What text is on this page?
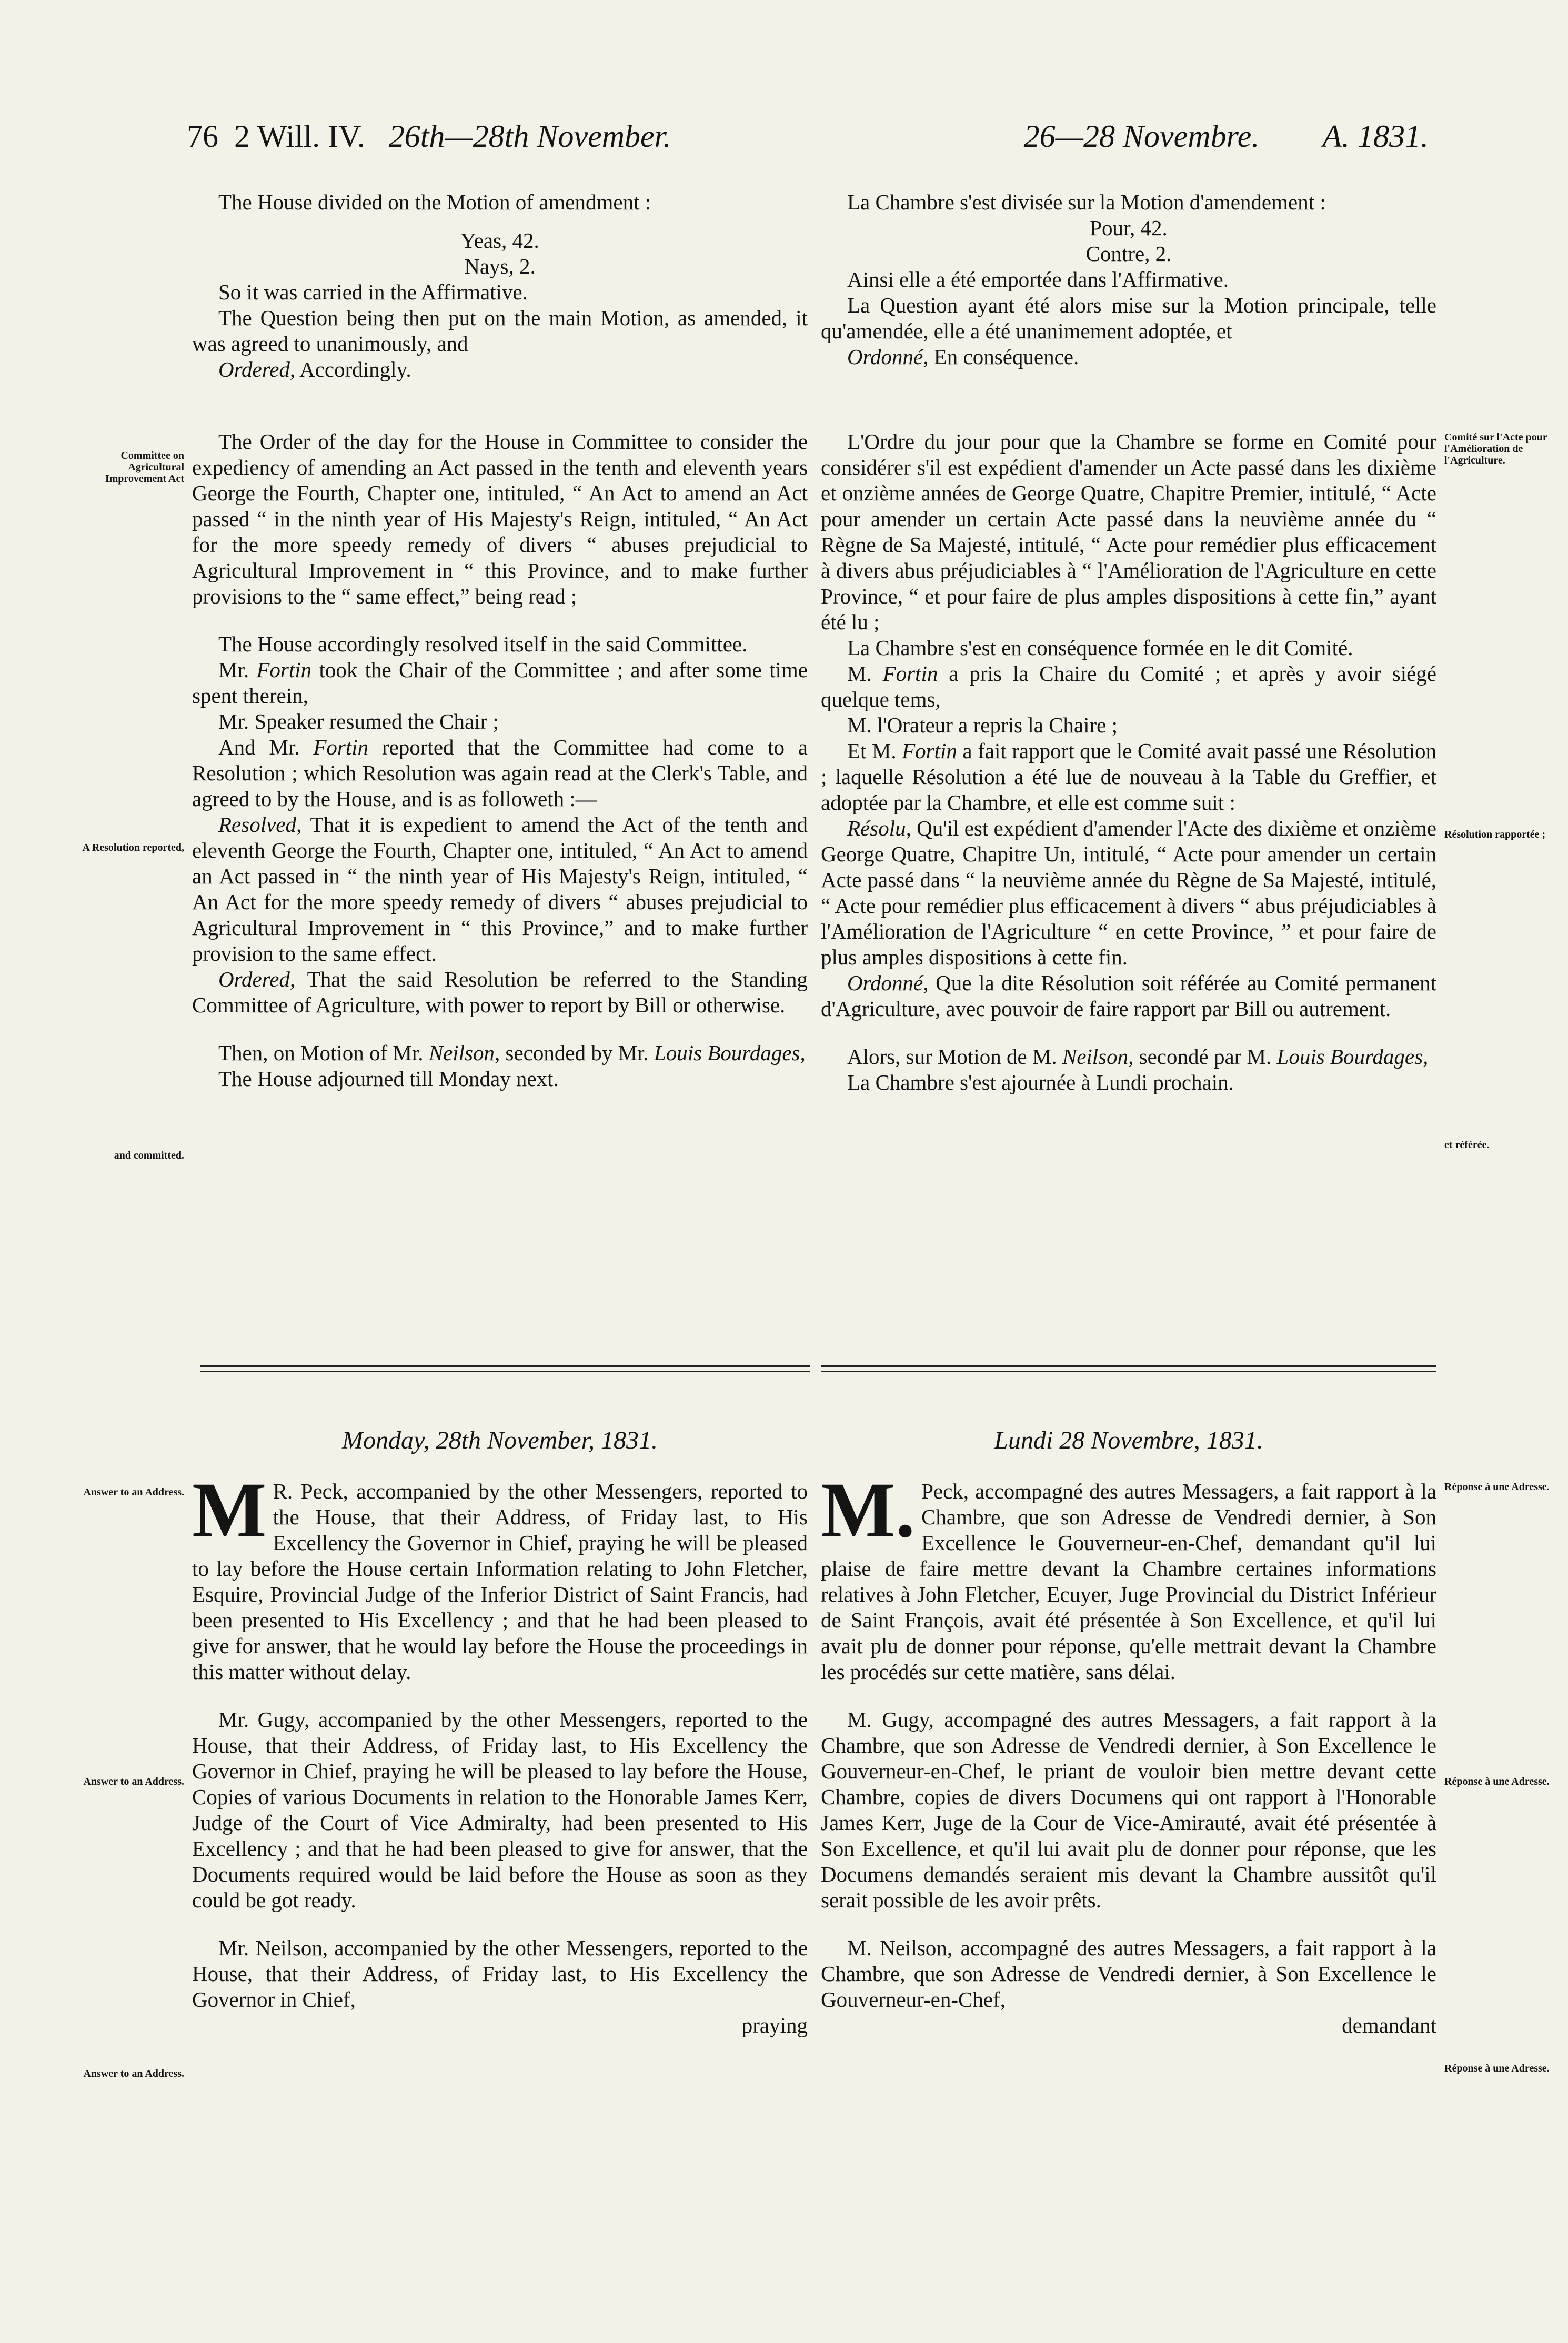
76 2 Will. IV. 26th—28th November.	26—28 Novembre. A. 1831.

The House divided on the Motion of amendment :

Yeas, 42.

Nays, 2.

So it was carried in the Affirmative.

The Question being then put on the main Motion, as amended, it was agreed to unanimously, and

Ordered, Accordingly.

La Chambre s'est divisée sur la Motion d'amendement :

Pour, 42.

Contre, 2.

Ainsi elle a été emportée dans l'Affirmative.

La Question ayant été alors mise sur la Motion principale, telle qu'amendée, elle a été unanimement adoptée, et

Ordonné, En conséquence.

Committee on Agricultural Improvement Act
Comité sur l'Acte pour l'Amélioration de l'Agriculture.
A Resolution reported,
Résolution rapportée ;
and committed.
et référée.

The Order of the day for the House in Committee to consider the expediency of amending an Act passed in the tenth and eleventh years George the Fourth, Chapter one, intituled, “ An Act to amend an Act passed “ in the ninth year of His Majesty's Reign, intituled, “ An Act for the more speedy remedy of divers “ abuses prejudicial to Agricultural Improvement in “ this Province, and to make further provisions to the “ same effect,” being read ;

The House accordingly resolved itself in the said Committee.

Mr. Fortin took the Chair of the Committee ; and after some time spent therein,

Mr. Speaker resumed the Chair ;

And Mr. Fortin reported that the Committee had come to a Resolution ; which Resolution was again read at the Clerk's Table, and agreed to by the House, and is as followeth :—

Resolved, That it is expedient to amend the Act of the tenth and eleventh George the Fourth, Chapter one, intituled, “ An Act to amend an Act passed in “ the ninth year of His Majesty's Reign, intituled, “ An Act for the more speedy remedy of divers “ abuses prejudicial to Agricultural Improvement in “ this Province,” and to make further provision to the same effect.

Ordered, That the said Resolution be referred to the Standing Committee of Agriculture, with power to report by Bill or otherwise.

Then, on Motion of Mr. Neilson, seconded by Mr. Louis Bourdages,

The House adjourned till Monday next.

L'Ordre du jour pour que la Chambre se forme en Comité pour considérer s'il est expédient d'amender un Acte passé dans les dixième et onzième années de George Quatre, Chapitre Premier, intitulé, “ Acte pour amender un certain Acte passé dans la neuvième année du “ Règne de Sa Majesté, intitulé, “ Acte pour remédier plus efficacement à divers abus préjudiciables à “ l'Amélioration de l'Agriculture en cette Province, “ et pour faire de plus amples dispositions à cette fin,” ayant été lu ;

La Chambre s'est en conséquence formée en le dit Comité.

M. Fortin a pris la Chaire du Comité ; et après y avoir siégé quelque tems,

M. l'Orateur a repris la Chaire ;

Et M. Fortin a fait rapport que le Comité avait passé une Résolution ; laquelle Résolution a été lue de nouveau à la Table du Greffier, et adoptée par la Chambre, et elle est comme suit :

Résolu, Qu'il est expédient d'amender l'Acte des dixième et onzième George Quatre, Chapitre Un, intitulé, “ Acte pour amender un certain Acte passé dans “ la neuvième année du Règne de Sa Majesté, intitulé, “ Acte pour remédier plus efficacement à divers “ abus préjudiciables à l'Amélioration de l'Agriculture “ en cette Province, ” et pour faire de plus amples dispositions à cette fin.

Ordonné, Que la dite Résolution soit référée au Comité permanent d'Agriculture, avec pouvoir de faire rapport par Bill ou autrement.

Alors, sur Motion de M. Neilson, secondé par M. Louis Bourdages,

La Chambre s'est ajournée à Lundi prochain.

Monday, 28th November, 1831.	Lundi 28 Novembre, 1831.
Answer to an Address.	Réponse à une Adresse.
Answer to an Address.	Réponse à une Adresse.
Answer to an Address.	Réponse à une Adresse.

M R. Peck, accompanied by the other Messengers, reported to the House, that their Address, of Friday last, to His Excellency the Governor in Chief, praying he will be pleased to lay before the House certain Information relating to John Fletcher, Esquire, Provincial Judge of the Inferior District of Saint Francis, had been presented to His Excellency ; and that he had been pleased to give for answer, that he would lay before the House the proceedings in this matter without delay.

Mr. Gugy, accompanied by the other Messengers, reported to the House, that their Address, of Friday last, to His Excellency the Governor in Chief, praying he will be pleased to lay before the House, Copies of various Documents in relation to the Honorable James Kerr, Judge of the Court of Vice Admiralty, had been presented to His Excellency ; and that he had been pleased to give for answer, that the Documents required would be laid before the House as soon as they could be got ready.

Mr. Neilson, accompanied by the other Messengers, reported to the House, that their Address, of Friday last, to His Excellency the Governor in Chief,

praying

M. Peck, accompagné des autres Messagers, a fait rapport à la Chambre, que son Adresse de Vendredi dernier, à Son Excellence le Gouverneur-en-Chef, demandant qu'il lui plaise de faire mettre devant la Chambre certaines informations relatives à John Fletcher, Ecuyer, Juge Provincial du District Inférieur de Saint François, avait été présentée à Son Excellence, et qu'il lui avait plu de donner pour réponse, qu'elle mettrait devant la Chambre les procédés sur cette matière, sans délai.

M. Gugy, accompagné des autres Messagers, a fait rapport à la Chambre, que son Adresse de Vendredi dernier, à Son Excellence le Gouverneur-en-Chef, le priant de vouloir bien mettre devant cette Chambre, copies de divers Documens qui ont rapport à l'Honorable James Kerr, Juge de la Cour de Vice-Amirauté, avait été présentée à Son Excellence, et qu'il lui avait plu de donner pour réponse, que les Documens demandés seraient mis devant la Chambre aussitôt qu'il serait possible de les avoir prêts.

M. Neilson, accompagné des autres Messagers, a fait rapport à la Chambre, que son Adresse de Vendredi dernier, à Son Excellence le Gouverneur-en-Chef,

demandant
